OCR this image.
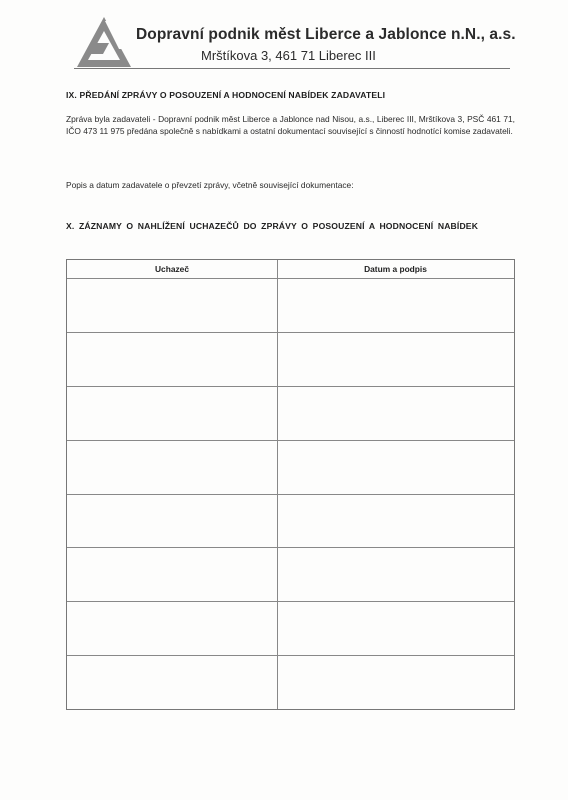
Dopravní podnik měst Liberce a Jablonce n.N., a.s.
Mrštíkova 3, 461 71 Liberec III
IX. PŘEDÁNÍ ZPRÁVY O POSOUZENÍ A HODNOCENÍ NABÍDEK ZADAVATELI
Zpráva byla zadavateli - Dopravní podnik měst Liberce a Jablonce nad Nisou, a.s., Liberec III, Mrštíkova 3, PSČ 461 71, IČO 473 11 975 předána společně s nabídkami a ostatní dokumentací související s činností hodnotící komise zadavateli.
Popis a datum zadavatele o převzetí zprávy, včetně související dokumentace:
X. ZÁZNAMY O NAHLÍŽENÍ UCHAZEČŮ DO ZPRÁVY O POSOUZENÍ A HODNOCENÍ NABÍDEK
Uchazeč	Datum a podpis
